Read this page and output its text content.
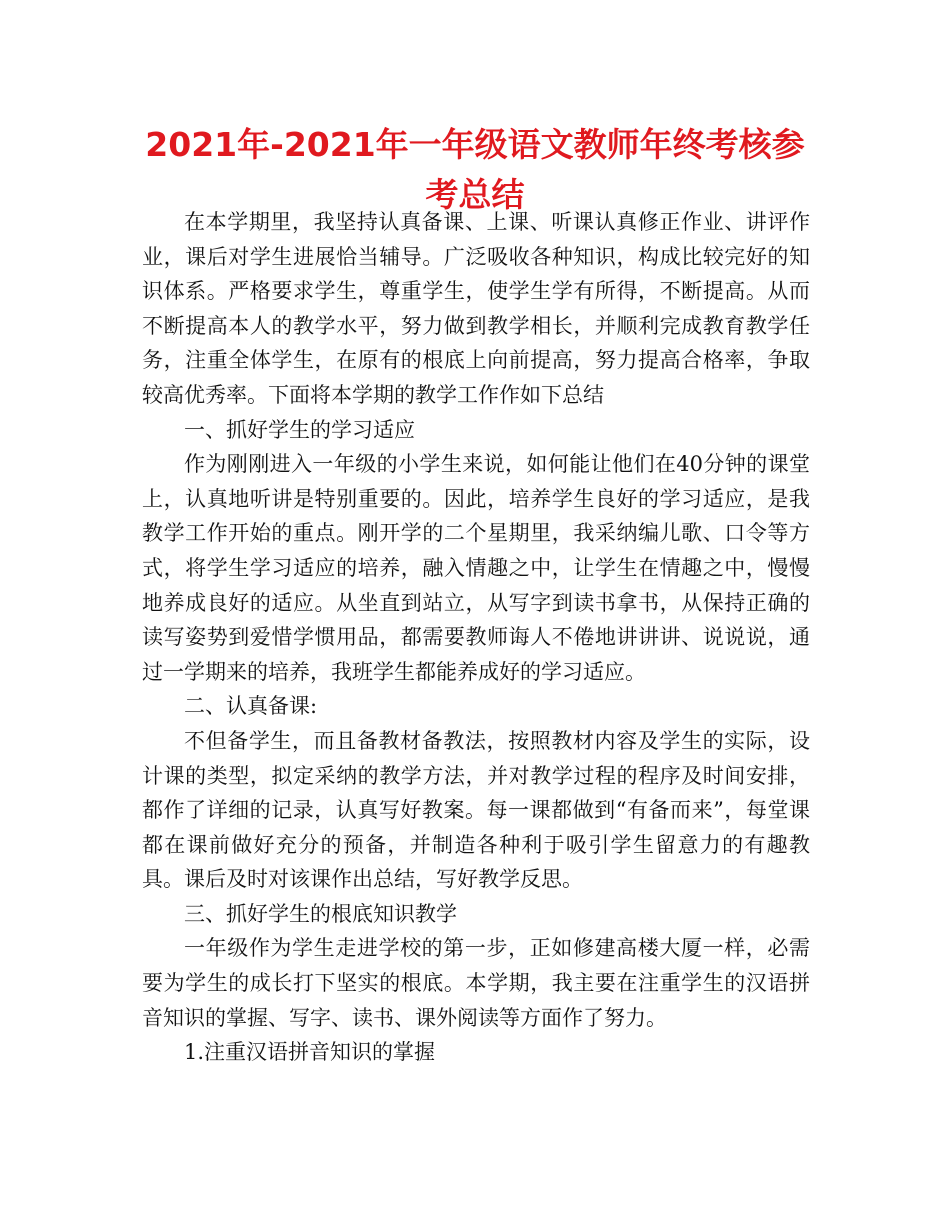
2021年-2021年一年级语文教师年终考核参考总结

在本学期里，我坚持认真备课、上课、听课认真修正作业、讲评作业，课后对学生进展恰当辅导。广泛吸收各种知识，构成比较完好的知识体系。严格要求学生，尊重学生，使学生学有所得，不断提高。从而不断提高本人的教学水平，努力做到教学相长，并顺利完成教育教学任务，注重全体学生，在原有的根底上向前提高，努力提高合格率，争取较高优秀率。下面将本学期的教学工作作如下总结

一、抓好学生的学习适应

作为刚刚进入一年级的小学生来说，如何能让他们在40分钟的课堂上，认真地听讲是特别重要的。因此，培养学生良好的学习适应，是我教学工作开始的重点。刚开学的二个星期里，我采纳编儿歌、口令等方式，将学生学习适应的培养，融入情趣之中，让学生在情趣之中，慢慢地养成良好的适应。从坐直到站立，从写字到读书拿书，从保持正确的读写姿势到爱惜学惯用品，都需要教师诲人不倦地讲讲讲、说说说，通过一学期来的培养，我班学生都能养成好的学习适应。

二、认真备课:

不但备学生，而且备教材备教法，按照教材内容及学生的实际，设计课的类型，拟定采纳的教学方法，并对教学过程的程序及时间安排，都作了详细的记录，认真写好教案。每一课都做到“有备而来”，每堂课都在课前做好充分的预备，并制造各种利于吸引学生留意力的有趣教具。课后及时对该课作出总结，写好教学反思。

三、抓好学生的根底知识教学

一年级作为学生走进学校的第一步，正如修建高楼大厦一样，必需要为学生的成长打下坚实的根底。本学期，我主要在注重学生的汉语拼音知识的掌握、写字、读书、课外阅读等方面作了努力。

1.注重汉语拼音知识的掌握
